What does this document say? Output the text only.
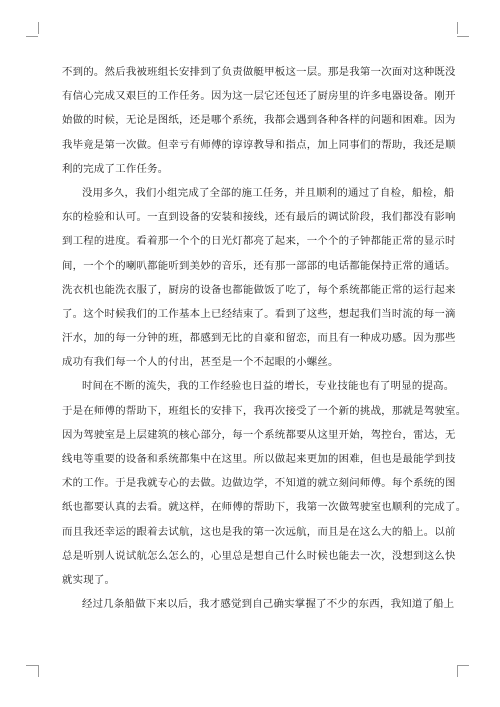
不到的。然后我被班组长安排到了负责做艇甲板这一层。那是我第一次面对这种既没
有信心完成又艰巨的工作任务。因为这一层它还包还了厨房里的许多电器设备。刚开
始做的时候，无论是图纸，还是哪个系统，我都会遇到各种各样的问题和困难。因为
我毕竟是第一次做。但幸亏有师傅的谆谆教导和指点，加上同事们的帮助，我还是顺
利的完成了工作任务。
没用多久，我们小组完成了全部的施工任务，并且顺利的通过了自检，船检，船
东的检验和认可。一直到设备的安装和接线，还有最后的调试阶段，我们都没有影响
到工程的进度。看着那一个个的日光灯都亮了起来，一个个的子钟都能正常的显示时
间，一个个的喇叭都能听到美妙的音乐，还有那一部部的电话都能保持正常的通话。
洗衣机也能洗衣服了，厨房的设备也都能做饭了吃了，每个系统都能正常的运行起来
了。这个时候我们的工作基本上已经结束了。看到了这些，想起我们当时流的每一滴
汗水，加的每一分钟的班，都感到无比的自豪和留恋，而且有一种成功感。因为那些
成功有我们每一个人的付出，甚至是一个不起眼的小螺丝。
时间在不断的流失，我的工作经验也日益的增长，专业技能也有了明显的提高。
于是在师傅的帮助下，班组长的安排下，我再次接受了一个新的挑战，那就是驾驶室。
因为驾驶室是上层建筑的核心部分，每一个系统都要从这里开始，驾控台，雷达，无
线电等重要的设备和系统都集中在这里。所以做起来更加的困难，但也是最能学到技
术的工作。于是我就专心的去做。边做边学，不知道的就立刻问师傅。每个系统的图
纸也都要认真的去看。就这样，在师傅的帮助下，我第一次做驾驶室也顺利的完成了。
而且我还幸运的跟着去试航，这也是我的第一次远航，而且是在这么大的船上。以前
总是听别人说试航怎么怎么的，心里总是想自己什么时候也能去一次，没想到这么快
就实现了。
经过几条船做下来以后，我才感觉到自己确实掌握了不少的东西，我知道了船上
